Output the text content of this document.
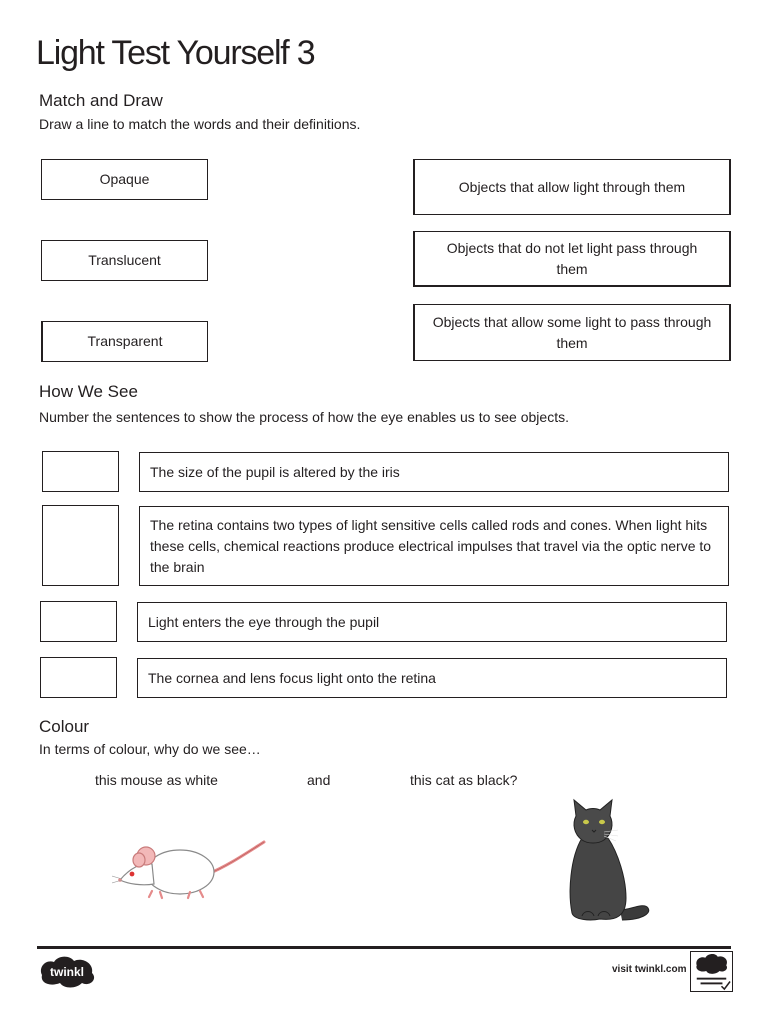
Light Test Yourself 3
Match and Draw
Draw a line to match the words and their definitions.
Opaque
Translucent
Transparent
Objects that allow light through them
Objects that do not let light pass through them
Objects that allow some light to pass through them
How We See
Number the sentences to show the process of how the eye enables us to see objects.
The size of the pupil is altered by the iris
The retina contains two types of light sensitive cells called rods and cones. When light hits these cells, chemical reactions produce electrical impulses that travel via the optic nerve to the brain
Light enters the eye through the pupil
The cornea and lens focus light onto the retina
Colour
In terms of colour, why do we see…
this mouse as white	and	this cat as black?
twinkl	visit twinkl.com
